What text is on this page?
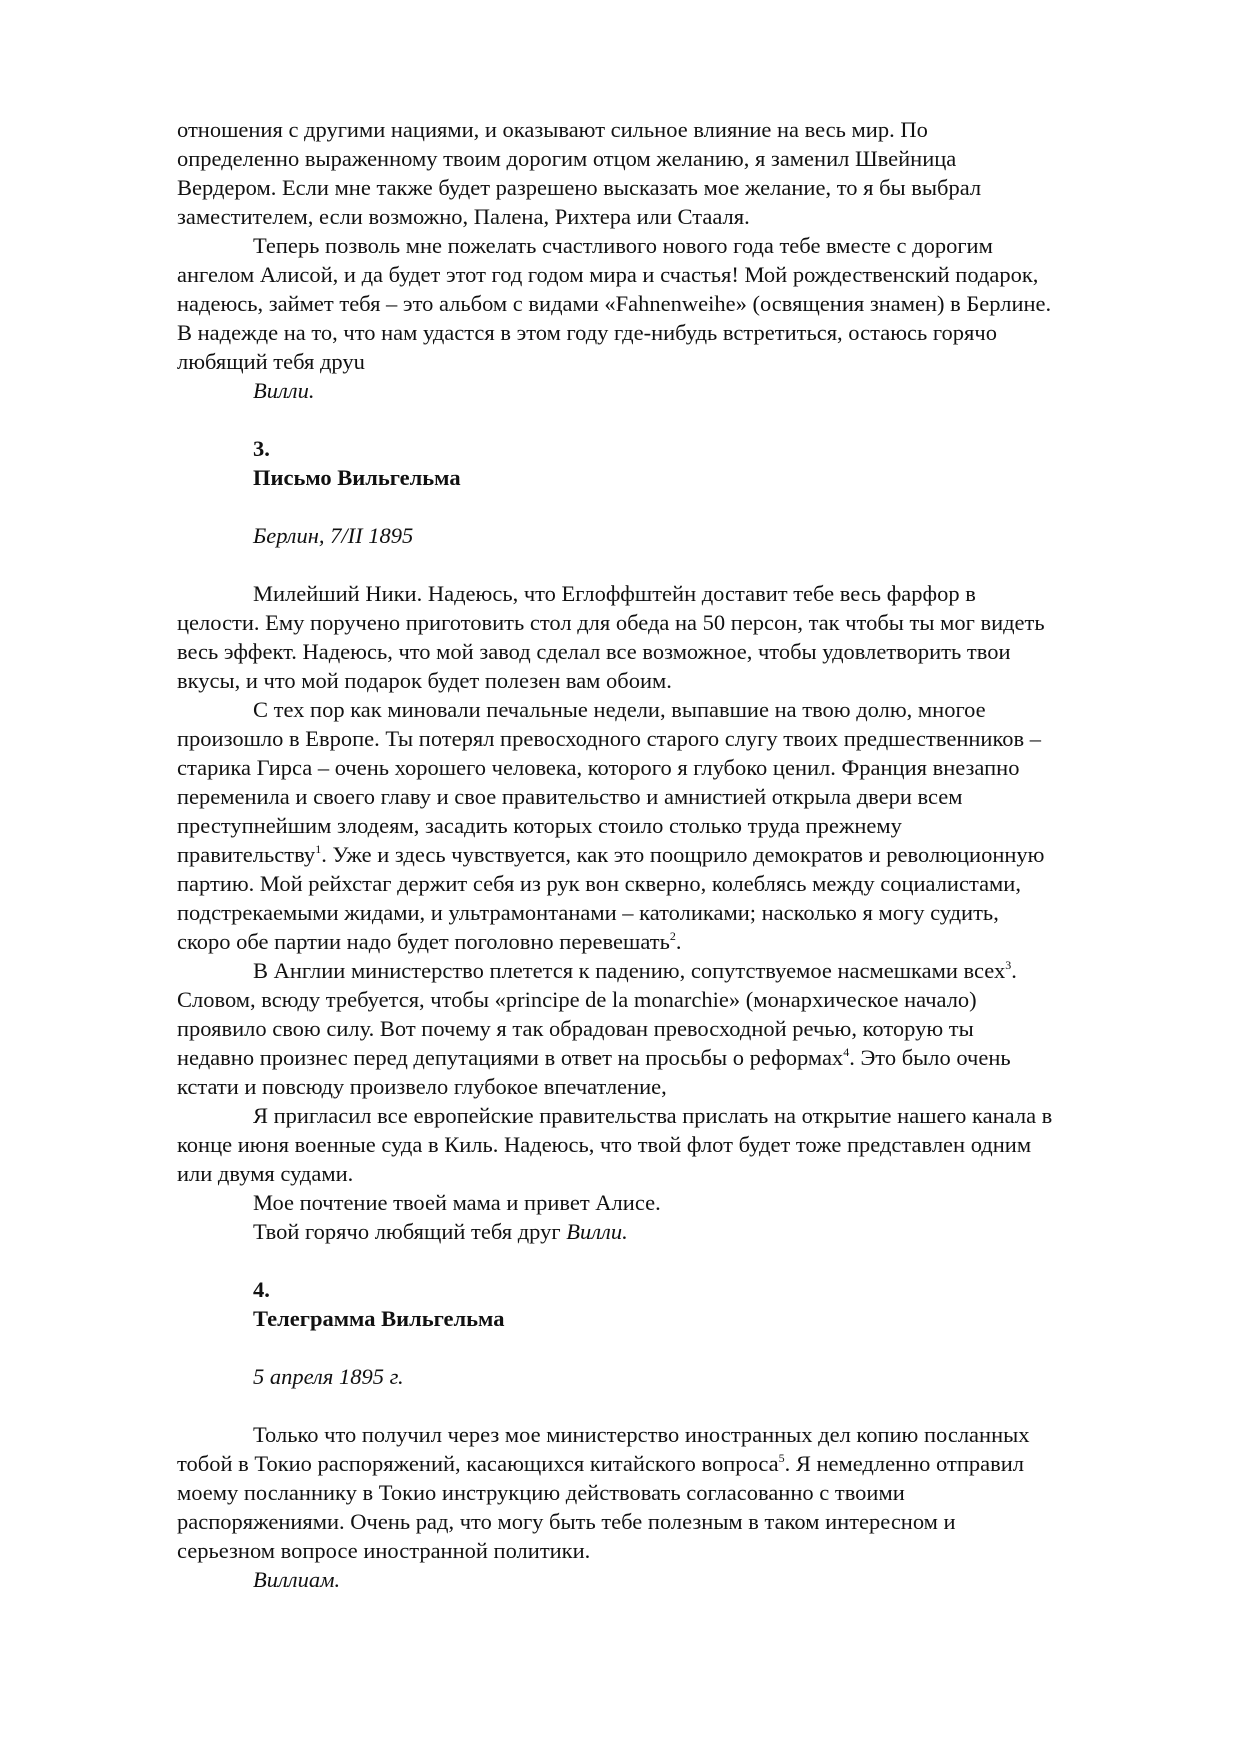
отношения с другими нациями, и оказывают сильное влияние на весь мир. По
определенно выраженному твоим дорогим отцом желанию, я заменил Швейница
Вердером. Если мне также будет разрешено высказать мое желание, то я бы выбрал
заместителем, если возможно, Палена, Рихтера или Стааля.
Теперь позволь мне пожелать счастливого нового года тебе вместе с дорогим
ангелом Алисой, и да будет этот год годом мира и счастья! Мой рождественский подарок,
надеюсь, займет тебя – это альбом с видами «Fahnenweihe» (освящения знамен) в Берлине.
В надежде на то, что нам удастся в этом году где-нибудь встретиться, остаюсь горячо
любящий тебя друu
Вилли.
3.
Письмо Вильгельма
Берлин, 7/II 1895
Милейший Ники. Надеюсь, что Еглоффштейн доставит тебе весь фарфор в
целости. Ему поручено приготовить стол для обеда на 50 персон, так чтобы ты мог видеть
весь эффект. Надеюсь, что мой завод сделал все возможное, чтобы удовлетворить твои
вкусы, и что мой подарок будет полезен вам обоим.
С тех пор как миновали печальные недели, выпавшие на твою долю, многое
произошло в Европе. Ты потерял превосходного старого слугу твоих предшественников –
старика Гирса – очень хорошего человека, которого я глубоко ценил. Франция внезапно
переменила и своего главу и свое правительство и амнистией открыла двери всем
преступнейшим злодеям, засадить которых стоило столько труда прежнему
правительству$^1$. Уже и здесь чувствуется, как это поощрило демократов и революционную
партию. Мой рейхстаг держит себя из рук вон скверно, колеблясь между социалистами,
подстрекаемыми жидами, и ультрамонтанами – католиками; насколько я могу судить,
скоро обе партии надо будет поголовно перевешать$^2$.
В Англии министерство плетется к падению, сопутствуемое насмешками всех$^3$.
Словом, всюду требуется, чтобы «principe de la monarchie» (монархическое начало)
проявило свою силу. Вот почему я так обрадован превосходной речью, которую ты
недавно произнес перед депутациями в ответ на просьбы о реформах$^4$. Это было очень
кстати и повсюду произвело глубокое впечатление,
Я пригласил все европейские правительства прислать на открытие нашего канала в
конце июня военные суда в Киль. Надеюсь, что твой флот будет тоже представлен одним
или двумя судами.
Мое почтение твоей мама и привет Алисе.
Твой горячо любящий тебя друг Вилли.
4.
Телеграмма Вильгельма
5 апреля 1895 г.
Только что получил через мое министерство иностранных дел копию посланных
тобой в Токио распоряжений, касающихся китайского вопроса$^5$. Я немедленно отправил
моему посланнику в Токио инструкцию действовать согласованно с твоими
распоряжениями. Очень рад, что могу быть тебе полезным в таком интересном и
серьезном вопросе иностранной политики.
Виллиам.
